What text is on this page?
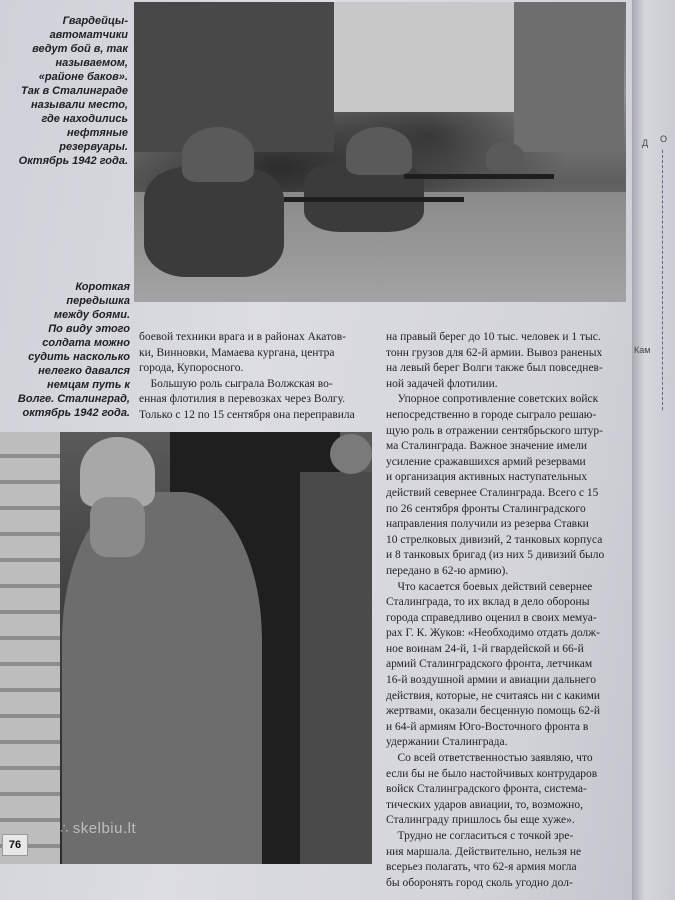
Гвардейцы-
автоматчики
ведут бой в, так
называемом,
«районе баков».
Так в Сталинграде
называли место,
где находились
нефтяные
резервуары.
Октябрь 1942 года.
Короткая
передышка
между боями.
По виду этого
солдата можно
судить насколько
нелегко давался
немцам путь к
Волге. Сталинград,
октябрь 1942 года.
боевой техники врага и в районах Акатов-
ки, Винновки, Мамаева кургана, центра
города, Купоросного.
Большую роль сыграла Волжская во-
енная флотилия в перевозках через Волгу.
Только с 12 по 15 сентября она переправила
на правый берег до 10 тыс. человек и 1 тыс.
тонн грузов для 62-й армии. Вывоз раненых
на левый берег Волги также был повседнев-
ной задачей флотилии.
Упорное сопротивление советских войск
непосредственно в городе сыграло решаю-
щую роль в отражении сентябрьского штур-
ма Сталинграда. Важное значение имели
усиление сражавшихся армий резервами
и организация активных наступательных
действий севернее Сталинграда. Всего с 15
по 26 сентября фронты Сталинградского
направления получили из резерва Ставки
10 стрелковых дивизий, 2 танковых корпуса
и 8 танковых бригад (из них 5 дивизий было
передано в 62-ю армию).
Что касается боевых действий севернее
Сталинграда, то их вклад в дело обороны
города справедливо оценил в своих мемуа-
рах Г. К. Жуков: «Необходимо отдать долж-
ное воинам 24-й, 1-й гвардейской и 66-й
армий Сталинградского фронта, летчикам
16-й воздушной армии и авиации дальнего
действия, которые, не считаясь ни с какими
жертвами, оказали бесценную помощь 62-й
и 64-й армиям Юго-Восточного фронта в
удержании Сталинграда.
Со всей ответственностью заявляю, что
если бы не было настойчивых контрударов
войск Сталинградского фронта, система-
тических ударов авиации, то, возможно,
Сталинграду пришлось бы еще хуже».
Трудно не согласиться с точкой зре-
ния маршала. Действительно, нельзя не
всерьез полагать, что 62-я армия могла
бы оборонять город сколь угодно дол-
76
∴ skelbiu.lt
Д О
Кам
